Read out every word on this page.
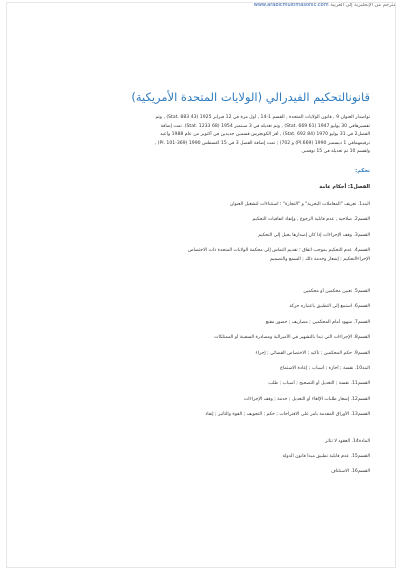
www.arabicmultimasonic.com مترجم من الإنجليزية إلى العربية
قانونالتحكيم الفيدرالي (الولايات المتحدة الأمريكية)
تواصدار العنوان 9 , قانون الولايات المتحدة , القسم 1-14 , أول مرة في 12 فبراير 1925 (43 Stat. 883) , وتم
تفسيرهافي 30 يوليو 1947 (61 Stat. 669) , وتم تعديله في 3 سبتمبر 1954 (68 Stat. 1233). تمت إضافة
الفصل2 في 31 يوليو 1970 (84 Stat. 692) , أقر الكونجرس قسمين جديدين في أكتوبر من عام 1988 وأعيد
ترقيمهمافي 1 ديسمبر 1990 (Pl.669) و 702) ; تمت إضافة الفصل 3 في 15 أغسطس 1990 (Pl. 101-369) ,
ولقسم 10 تم تعديله في 15 نوفمبر.
تحكم:
الفصل1: أحكام عامة
البند1. تعريف "المعاملات البحرية" و "التجارة" ؛ استثناءات لتشغيل العنوان
القسم2. صلاحية , عدم قابلية الرجوع , وإنفاذ اتفاقيات التحكيم
القسم3. وقف الإجراءات إذا كان إصدارها يحيل إلى التحكيم
القسم4. عدم التحكيم بموجب اتفاق ؛ تقديم التماس إلى محكمة الولايات المتحدة ذات الاختصاص
الإجراءالتحكيم ; إشعار وخدمة ذلك ; السمع والتصميم
القسم5. تعيين محكمين أو محكمين
القسم6. استمع إلى التطبيق باعتباره حركة
القسم7. شهود أمام المحكمين ; مصاريف ; حضور مقنع
القسم8. الإجراءات التي تبدأ بالتشهير في الأميرالية ومصادرة السفينة أو الممتلكات
القسم9. حكم المحكمين ; تأكيد ; الاختصاص القضائي ; إجراء
البند10. نقسة ; أجازة ; أسباب ; إعادة الاستماع
القسم11. نقسة ; التعديل أو التصحيح ; أسباب ; طلب
القسم12. إشعار طلبات الإلغاء أو التعديل ; خدمة ; وقف الإجراءات
القسم13. الأوراق المقدمة بأمر على الاقتراحات ; حكم ; التجويف ; القوة والتأثير ; إنفاذ
المادة14. العقود لا تتأثر
القسم15. عدم قابلية تطبيق مبدأ قانون الدولة
القسم16. الاستئناف
